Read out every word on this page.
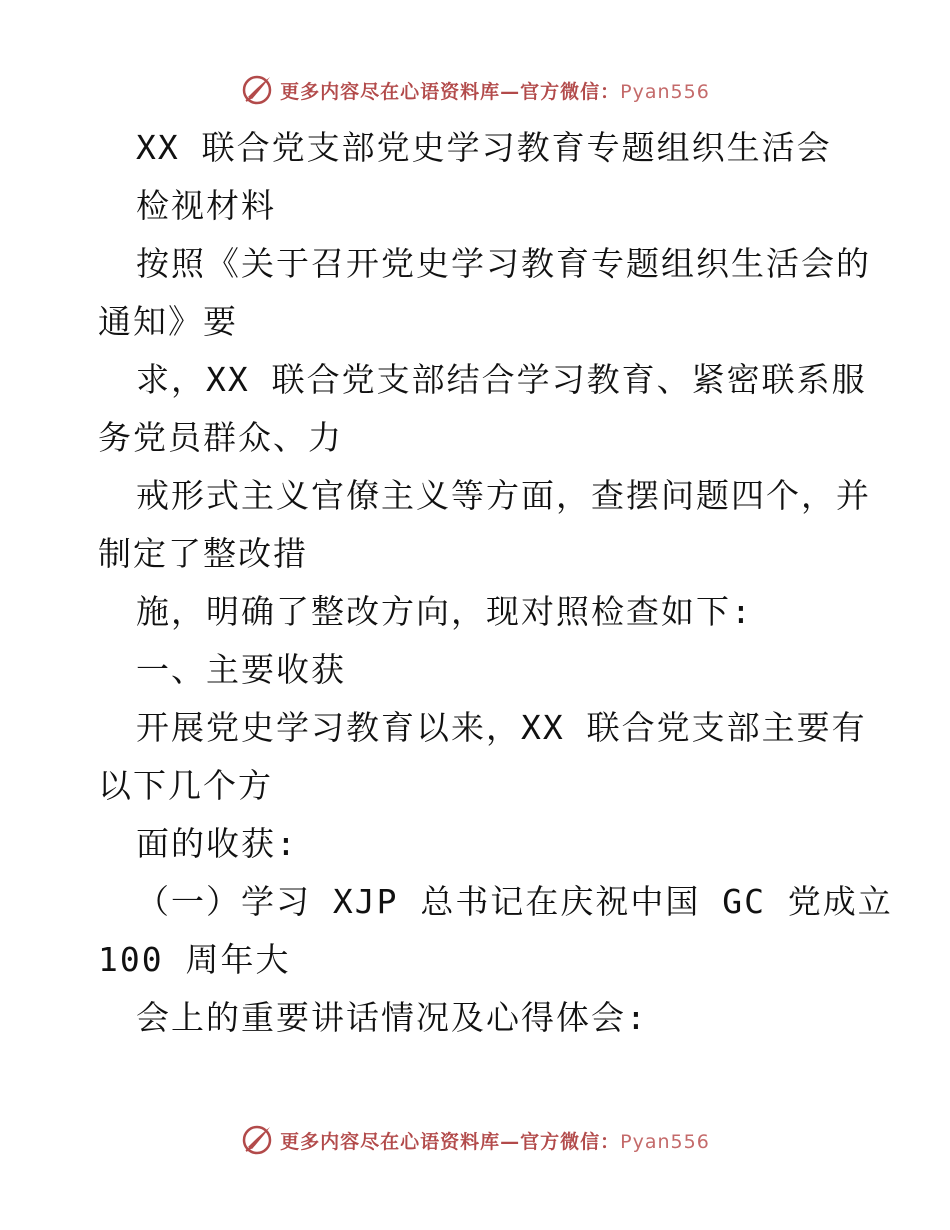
更多内容尽在心语资料库—官方微信：Pyan556
XX 联合党支部党史学习教育专题组织生活会
检视材料
按照《关于召开党史学习教育专题组织生活会的
通知》要
求，XX 联合党支部结合学习教育、紧密联系服
务党员群众、力
戒形式主义官僚主义等方面，查摆问题四个，并
制定了整改措
施，明确了整改方向，现对照检查如下:
一、主要收获
开展党史学习教育以来，XX 联合党支部主要有
以下几个方
面的收获:
（一）学习 XJP 总书记在庆祝中国 GC 党成立
100 周年大
会上的重要讲话情况及心得体会:
更多内容尽在心语资料库—官方微信：Pyan556
